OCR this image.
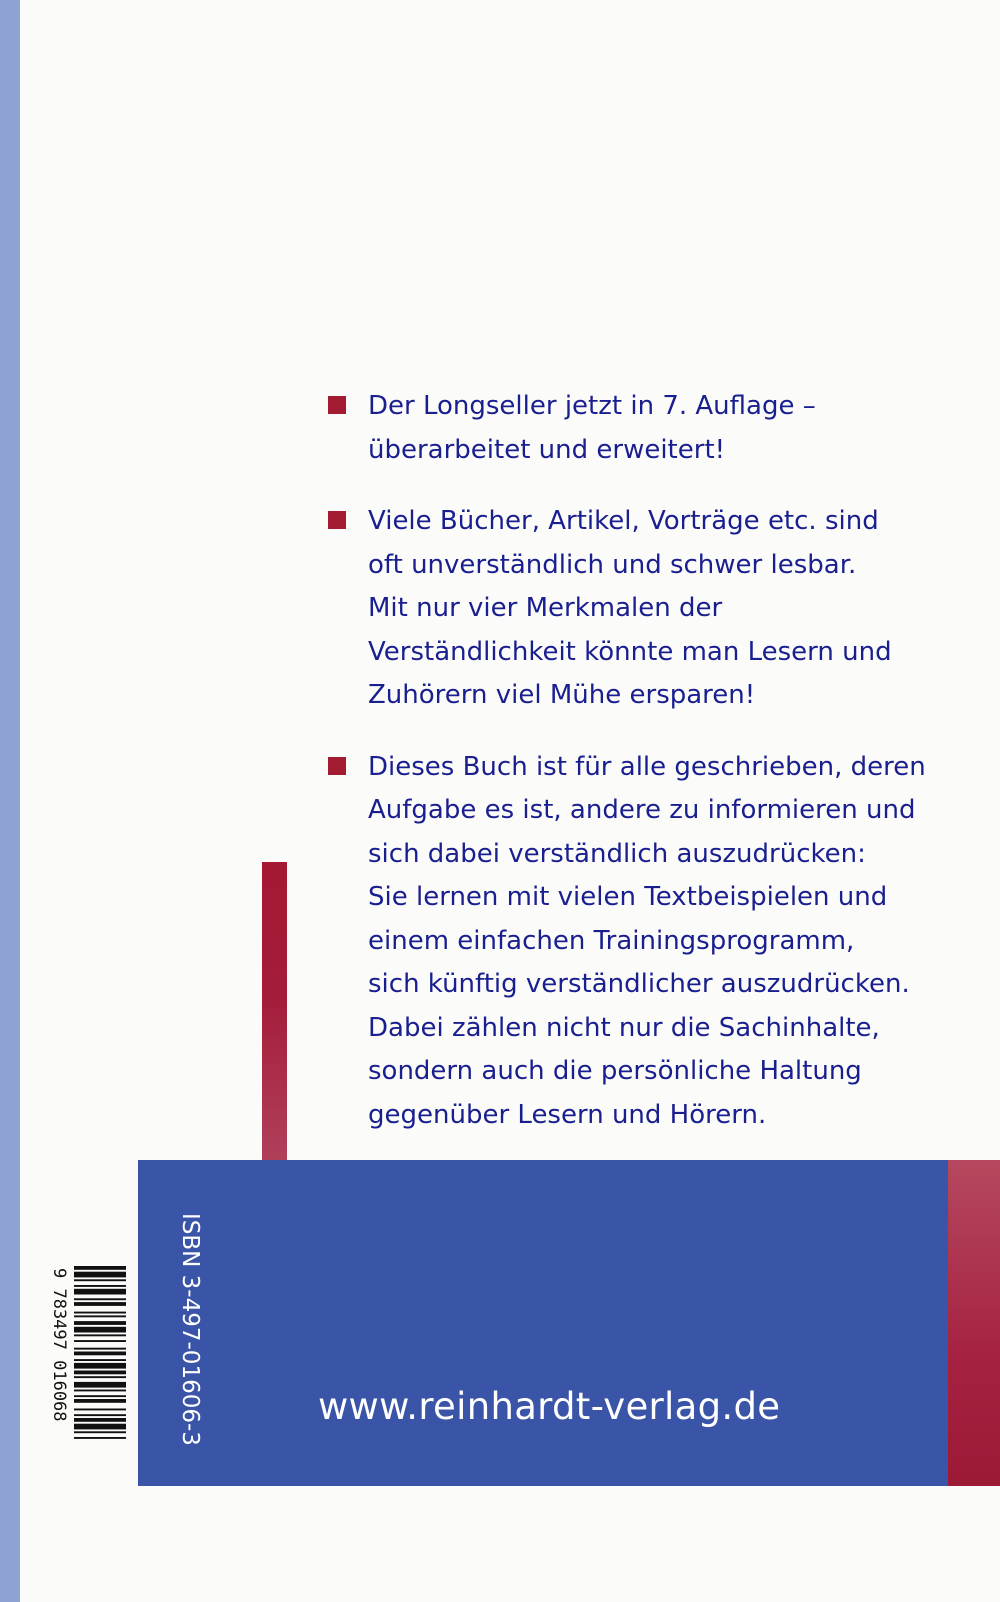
Der Longseller jetzt in 7. Auflage –
überarbeitet und erweitert!
Viele Bücher, Artikel, Vorträge etc. sind
oft unverständlich und schwer lesbar.
Mit nur vier Merkmalen der
Verständlichkeit könnte man Lesern und
Zuhörern viel Mühe ersparen!
Dieses Buch ist für alle geschrieben, deren
Aufgabe es ist, andere zu informieren und
sich dabei verständlich auszudrücken:
Sie lernen mit vielen Textbeispielen und
einem einfachen Trainingsprogramm,
sich künftig verständlicher auszudrücken.
Dabei zählen nicht nur die Sachinhalte,
sondern auch die persönliche Haltung
gegenüber Lesern und Hörern.
www.reinhardt-verlag.de
ISBN 3-497-01606-3
9 783497 016068
